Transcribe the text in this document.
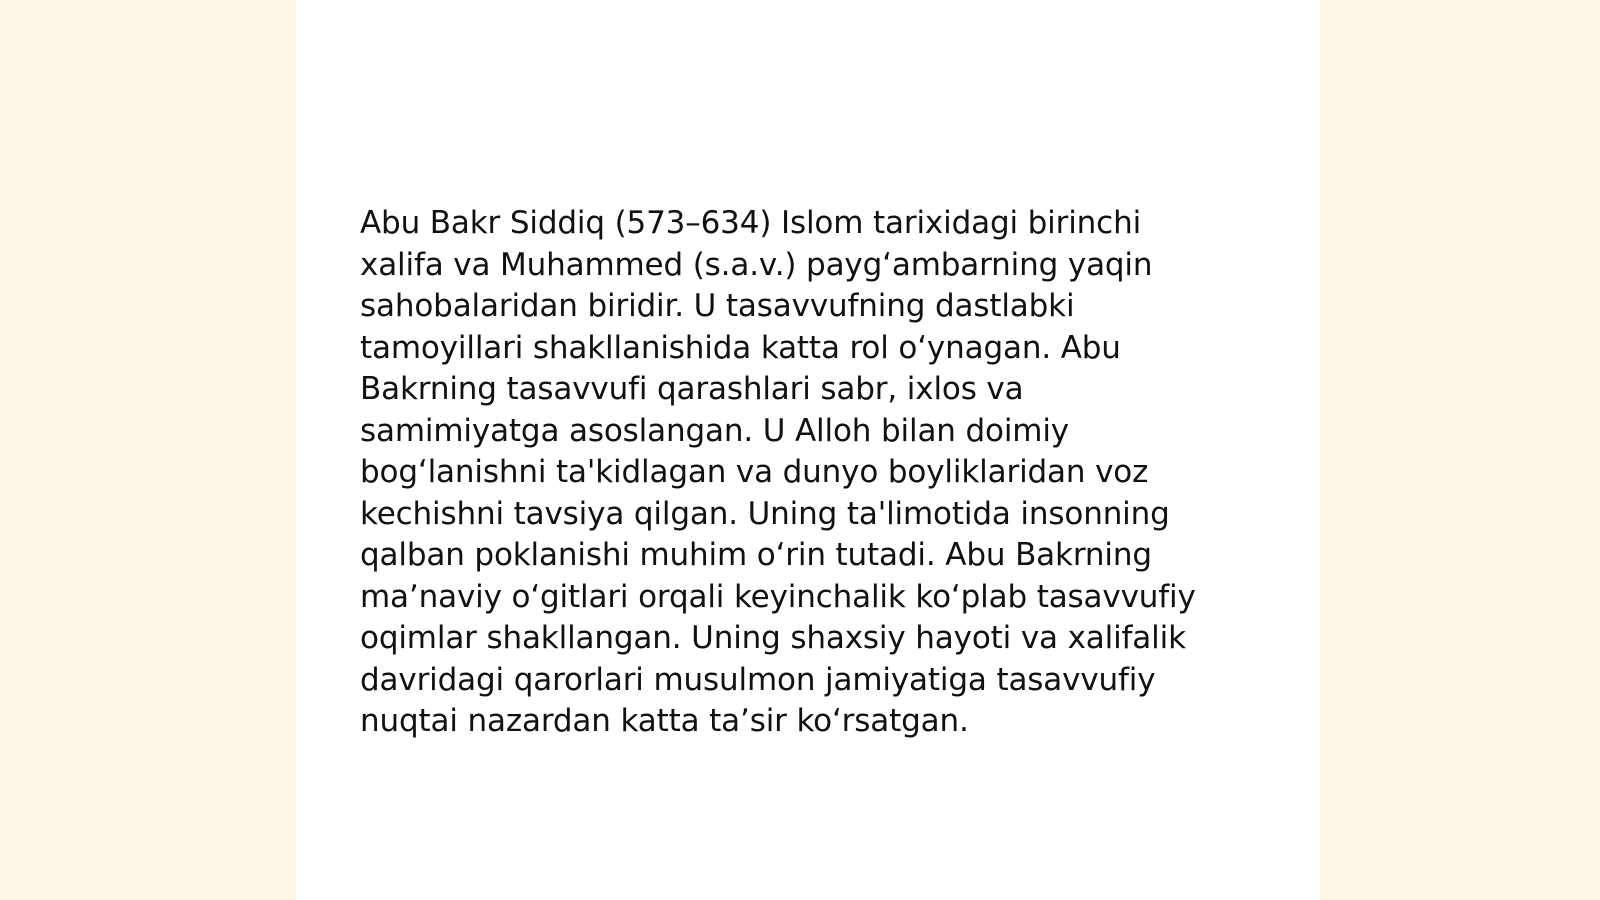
Abu Bakr Siddiq (573–634) Islom tarixidagi birinchi
xalifa va Muhammed (s.a.v.) paygʻambarning yaqin
sahobalaridan biridir. U tasavvufning dastlabki
tamoyillari shakllanishida katta rol oʻynagan. Abu
Bakrning tasavvufi qarashlari sabr, ixlos va
samimiyatga asoslangan. U Alloh bilan doimiy
bogʻlanishni ta'kidlagan va dunyo boyliklaridan voz
kechishni tavsiya qilgan. Uning ta'limotida insonning
qalban poklanishi muhim oʻrin tutadi. Abu Bakrning
maʼnaviy oʻgitlari orqali keyinchalik koʻplab tasavvufiy
oqimlar shakllangan. Uning shaxsiy hayoti va xalifalik
davridagi qarorlari musulmon jamiyatiga tasavvufiy
nuqtai nazardan katta taʼsir koʻrsatgan.
